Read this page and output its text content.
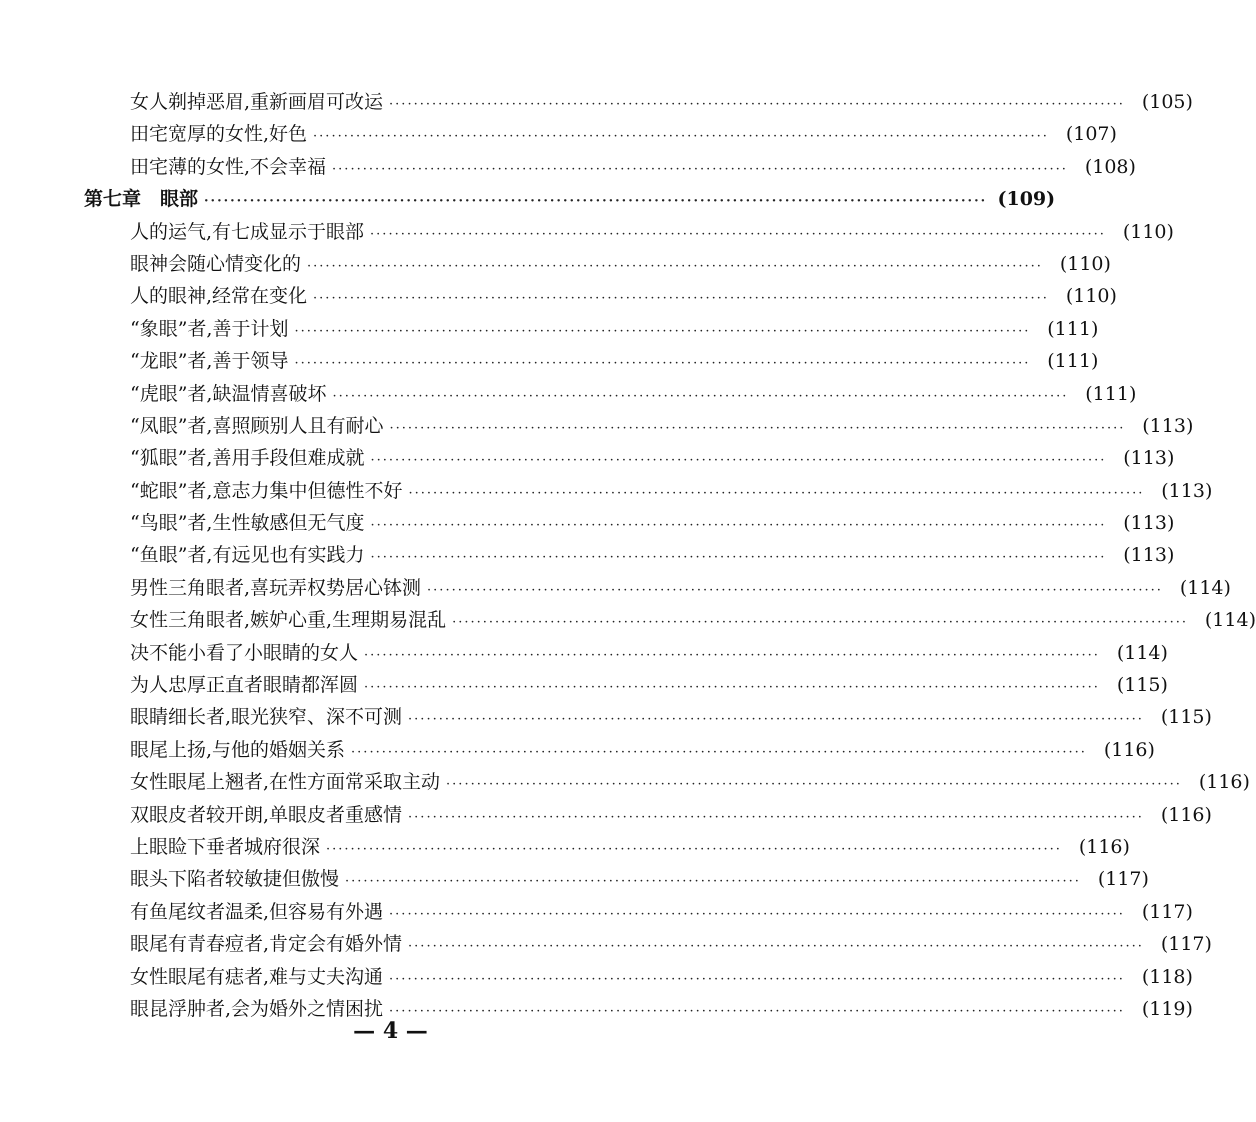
女人剃掉恶眉,重新画眉可改运 ························································································································ (105)
田宅宽厚的女性,好色 ························································································································ (107)
田宅薄的女性,不会幸福 ························································································································ (108)
第七章　眼部 ························································································································ (109)
人的运气,有七成显示于眼部 ························································································································ (110)
眼神会随心情变化的 ························································································································ (110)
人的眼神,经常在变化 ························································································································ (110)
“象眼”者,善于计划 ························································································································ (111)
“龙眼”者,善于领导 ························································································································ (111)
“虎眼”者,缺温情喜破坏 ························································································································ (111)
“凤眼”者,喜照顾别人且有耐心 ························································································································ (113)
“狐眼”者,善用手段但难成就 ························································································································ (113)
“蛇眼”者,意志力集中但德性不好 ························································································································ (113)
“鸟眼”者,生性敏感但无气度 ························································································································ (113)
“鱼眼”者,有远见也有实践力 ························································································································ (113)
男性三角眼者,喜玩弄权势居心钵测 ························································································································ (114)
女性三角眼者,嫉妒心重,生理期易混乱 ························································································································ (114)
决不能小看了小眼睛的女人 ························································································································ (114)
为人忠厚正直者眼睛都浑圆 ························································································································ (115)
眼睛细长者,眼光狭窄、深不可测 ························································································································ (115)
眼尾上扬,与他的婚姻关系 ························································································································ (116)
女性眼尾上翘者,在性方面常采取主动 ························································································································ (116)
双眼皮者较开朗,单眼皮者重感情 ························································································································ (116)
上眼睑下垂者城府很深 ························································································································ (116)
眼头下陷者较敏捷但傲慢 ························································································································ (117)
有鱼尾纹者温柔,但容易有外遇 ························································································································ (117)
眼尾有青春痘者,肯定会有婚外情 ························································································································ (117)
女性眼尾有痣者,难与丈夫沟通 ························································································································ (118)
眼昆浮肿者,会为婚外之情困扰 ························································································································ (119)
— 4 —
